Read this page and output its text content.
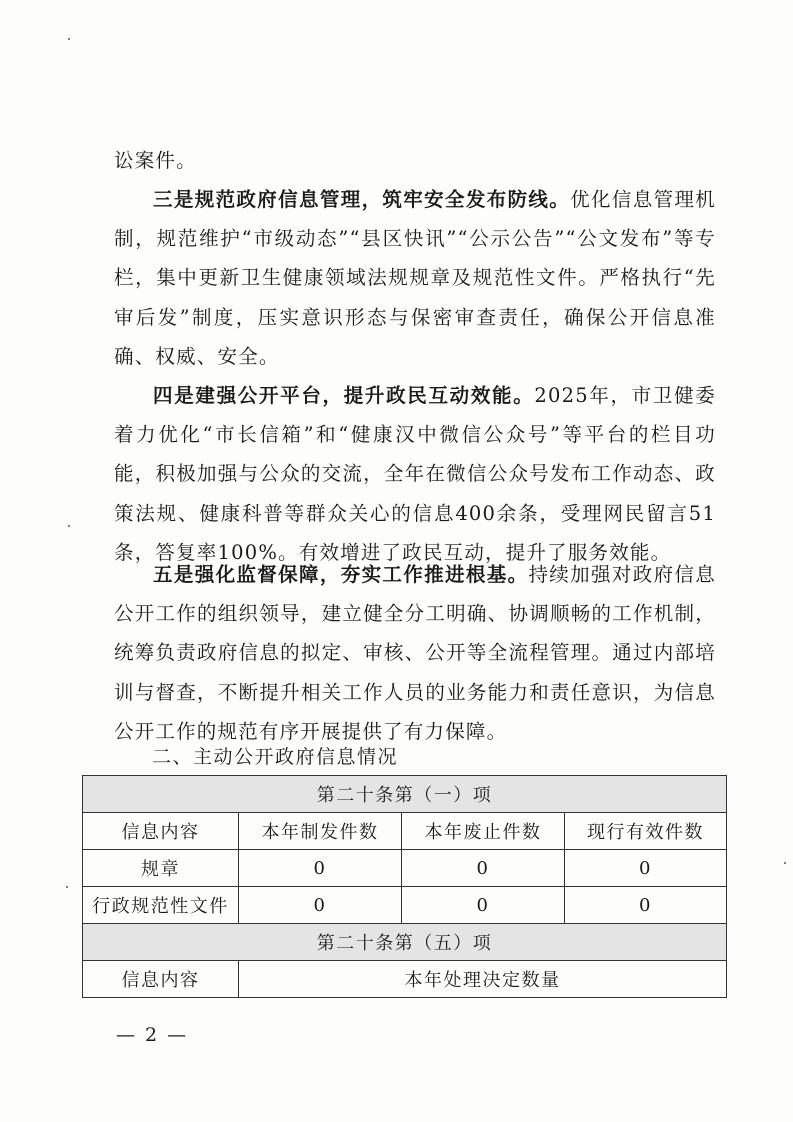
讼案件。

三是规范政府信息管理，筑牢安全发布防线。优化信息管理机制，规范维护“市级动态”“县区快讯”“公示公告”“公文发布”等专栏，集中更新卫生健康领域法规规章及规范性文件。严格执行“先审后发”制度，压实意识形态与保密审查责任，确保公开信息准确、权威、安全。

四是建强公开平台，提升政民互动效能。2025年，市卫健委着力优化“市长信箱”和“健康汉中微信公众号”等平台的栏目功能，积极加强与公众的交流，全年在微信公众号发布工作动态、政策法规、健康科普等群众关心的信息400余条，受理网民留言51条，答复率100%。有效增进了政民互动，提升了服务效能。

五是强化监督保障，夯实工作推进根基。持续加强对政府信息公开工作的组织领导，建立健全分工明确、协调顺畅的工作机制，统筹负责政府信息的拟定、审核、公开等全流程管理。通过内部培训与督查，不断提升相关工作人员的业务能力和责任意识，为信息公开工作的规范有序开展提供了有力保障。

二、主动公开政府信息情况

第二十条第（一）项			
信息内容	本年制发件数	本年废止件数	现行有效件数
规章	0	0	0
行政规范性文件	0	0	0
第二十条第（五）项			
信息内容	本年处理决定数量		

— 2 —
